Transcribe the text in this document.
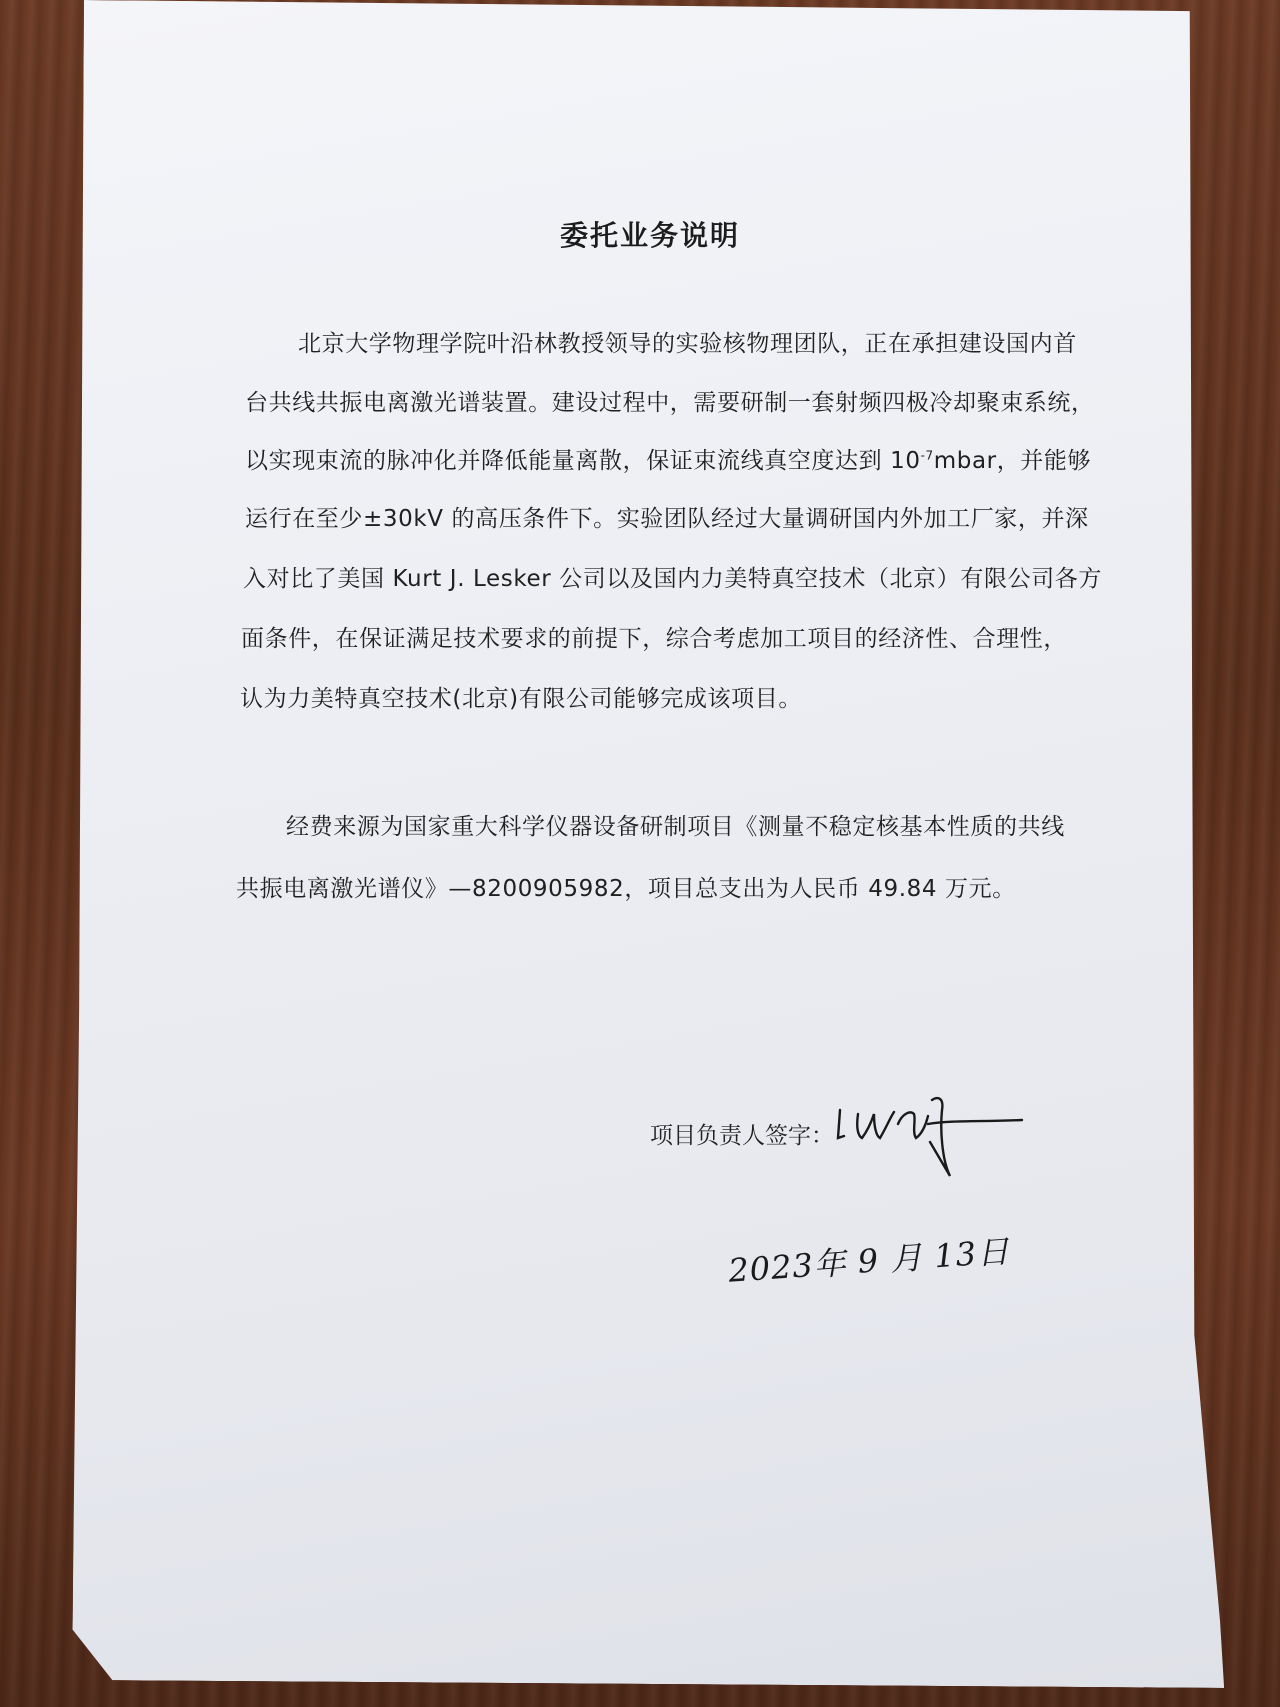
委托业务说明
北京大学物理学院叶沿林教授领导的实验核物理团队，正在承担建设国内首
台共线共振电离激光谱装置。建设过程中，需要研制一套射频四极冷却聚束系统，
以实现束流的脉冲化并降低能量离散，保证束流线真空度达到 $10^{-7}mbar$，并能够
运行在至少±30kV 的高压条件下。实验团队经过大量调研国内外加工厂家，并深
入对比了美国 Kurt J. Lesker 公司以及国内力美特真空技术（北京）有限公司各方
面条件，在保证满足技术要求的前提下，综合考虑加工项目的经济性、合理性，
认为力美特真空技术(北京)有限公司能够完成该项目。
经费来源为国家重大科学仪器设备研制项目《测量不稳定核基本性质的共线
共振电离激光谱仪》—8200905982，项目总支出为人民币 49.84 万元。
项目负责人签字：
2023年 9 月 13日
